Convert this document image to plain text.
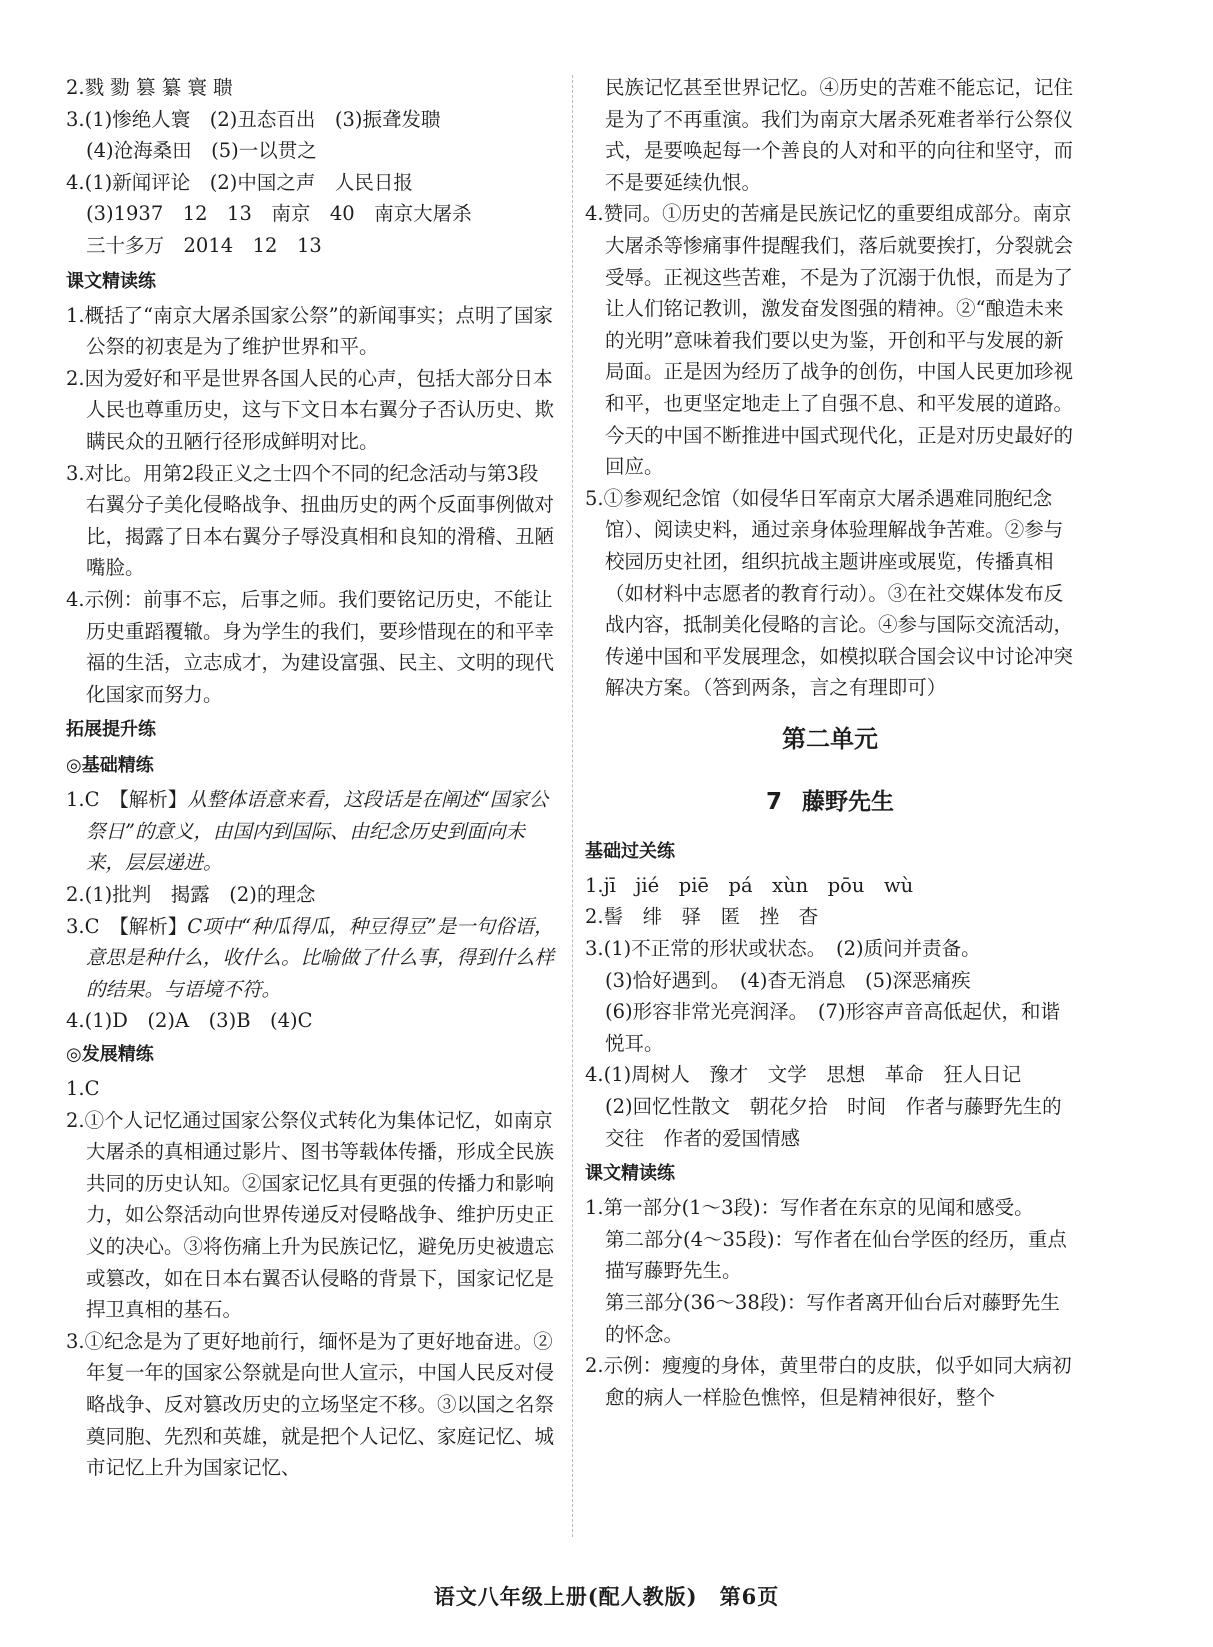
2.戮 勠 篡 纂 寰 聩
3.(1)惨绝人寰　(2)丑态百出　(3)振聋发聩
(4)沧海桑田　(5)一以贯之
4.(1)新闻评论　(2)中国之声　人民日报
(3)1937　12　13　南京　40　南京大屠杀
三十多万　2014　12　13
课文精读练
1.概括了“南京大屠杀国家公祭”的新闻事实；点明了国家公祭的初衷是为了维护世界和平。
2.因为爱好和平是世界各国人民的心声，包括大部分日本人民也尊重历史，这与下文日本右翼分子否认历史、欺瞒民众的丑陋行径形成鲜明对比。
3.对比。用第2段正义之士四个不同的纪念活动与第3段右翼分子美化侵略战争、扭曲历史的两个反面事例做对比，揭露了日本右翼分子辱没真相和良知的滑稽、丑陋嘴脸。
4.示例：前事不忘，后事之师。我们要铭记历史，不能让历史重蹈覆辙。身为学生的我们，要珍惜现在的和平幸福的生活，立志成才，为建设富强、民主、文明的现代化国家而努力。
拓展提升练
◎基础精练
1.C　【解析】从整体语意来看，这段话是在阐述“国家公祭日”的意义，由国内到国际、由纪念历史到面向未来，层层递进。
2.(1)批判　揭露　(2)的理念
3.C　【解析】C项中“种瓜得瓜，种豆得豆”是一句俗语，意思是种什么，收什么。比喻做了什么事，得到什么样的结果。与语境不符。
4.(1)D　(2)A　(3)B　(4)C
◎发展精练
1.C
2.①个人记忆通过国家公祭仪式转化为集体记忆，如南京大屠杀的真相通过影片、图书等载体传播，形成全民族共同的历史认知。②国家记忆具有更强的传播力和影响力，如公祭活动向世界传递反对侵略战争、维护历史正义的决心。③将伤痛上升为民族记忆，避免历史被遗忘或篡改，如在日本右翼否认侵略的背景下，国家记忆是捍卫真相的基石。
3.①纪念是为了更好地前行，缅怀是为了更好地奋进。②年复一年的国家公祭就是向世人宣示，中国人民反对侵略战争、反对篡改历史的立场坚定不移。③以国之名祭奠同胞、先烈和英雄，就是把个人记忆、家庭记忆、城市记忆上升为国家记忆、
民族记忆甚至世界记忆。④历史的苦难不能忘记，记住是为了不再重演。我们为南京大屠杀死难者举行公祭仪式，是要唤起每一个善良的人对和平的向往和坚守，而不是要延续仇恨。
4.赞同。①历史的苦痛是民族记忆的重要组成部分。南京大屠杀等惨痛事件提醒我们，落后就要挨打，分裂就会受辱。正视这些苦难，不是为了沉溺于仇恨，而是为了让人们铭记教训，激发奋发图强的精神。②“酿造未来的光明”意味着我们要以史为鉴，开创和平与发展的新局面。正是因为经历了战争的创伤，中国人民更加珍视和平，也更坚定地走上了自强不息、和平发展的道路。今天的中国不断推进中国式现代化，正是对历史最好的回应。
5.①参观纪念馆（如侵华日军南京大屠杀遇难同胞纪念馆）、阅读史料，通过亲身体验理解战争苦难。②参与校园历史社团，组织抗战主题讲座或展览，传播真相（如材料中志愿者的教育行动）。③在社交媒体发布反战内容，抵制美化侵略的言论。④参与国际交流活动，传递中国和平发展理念，如模拟联合国会议中讨论冲突解决方案。（答到两条，言之有理即可）
第二单元
7 藤野先生
基础过关练
1.jī　jié　piē　pá　xùn　pōu　wù
2.髻　绯　驿　匿　挫　杳
3.(1)不正常的形状或状态。　(2)质问并责备。
(3)恰好遇到。　(4)杳无消息　(5)深恶痛疾
(6)形容非常光亮润泽。　(7)形容声音高低起伏，和谐悦耳。
4.(1)周树人　豫才　文学　思想　革命　狂人日记
(2)回忆性散文　朝花夕拾　时间　作者与藤野先生的交往　作者的爱国情感
课文精读练
1.第一部分(1～3段)：写作者在东京的见闻和感受。
第二部分(4～35段)：写作者在仙台学医的经历，重点描写藤野先生。
第三部分(36～38段)：写作者离开仙台后对藤野先生的怀念。
2.示例：瘦瘦的身体，黄里带白的皮肤，似乎如同大病初愈的病人一样脸色憔悴，但是精神很好，整个
语文八年级上册(配人教版) 第6页
